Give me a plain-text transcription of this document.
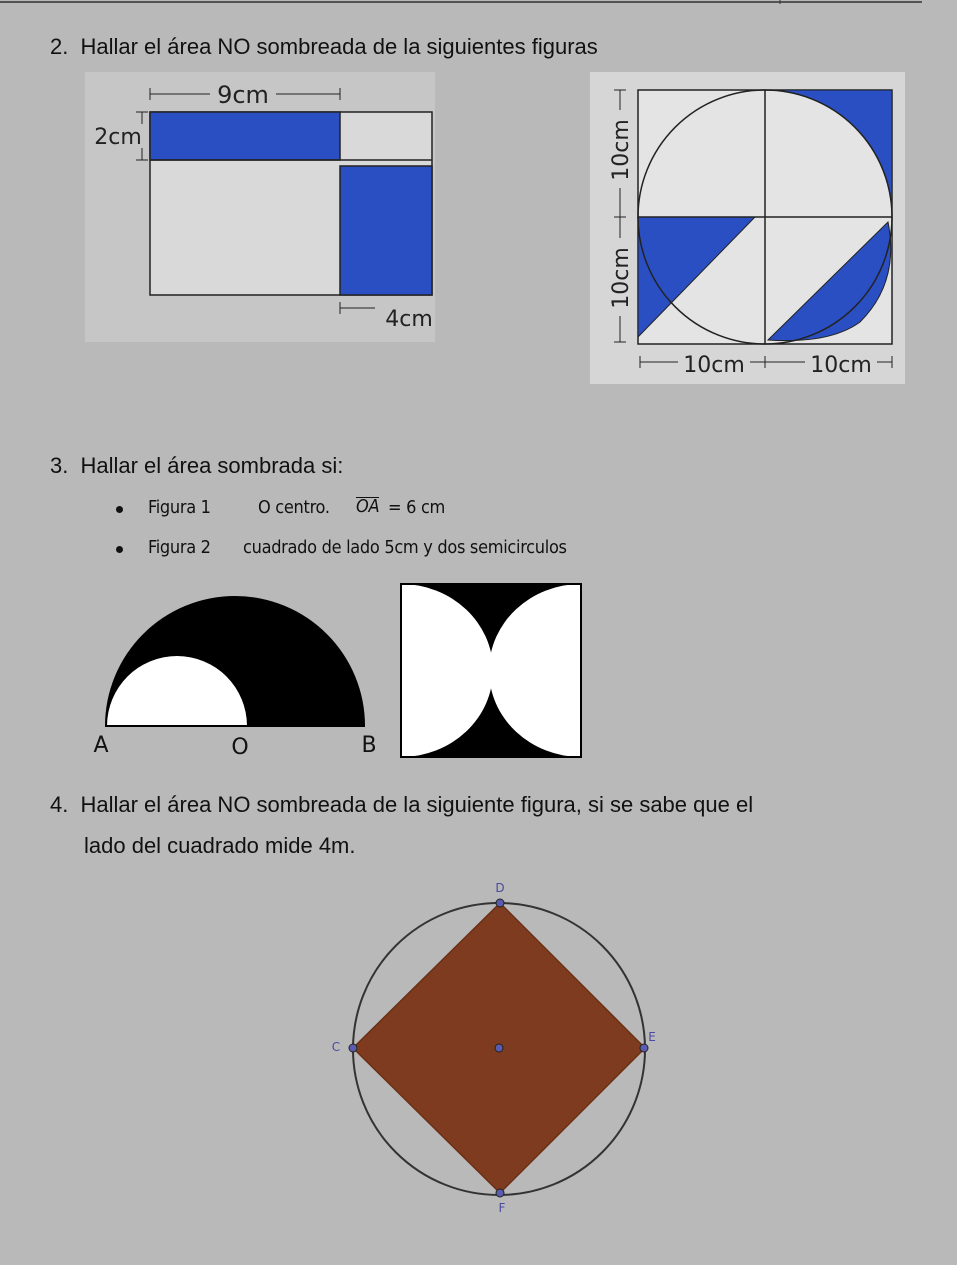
2. Hallar el área NO sombreada de la siguientes figuras
9cm
2cm
4cm
10cm
10cm
10cm	10cm
3. Hallar el área sombrada si:
Figura 1	O centro. OA = 6 cm
Figura 2 cuadrado de lado 5cm y dos semicirculos
A	O	B
4. Hallar el área NO sombreada de la siguiente figura, si se sabe que el
lado del cuadrado mide 4m.
D
C
E
F
